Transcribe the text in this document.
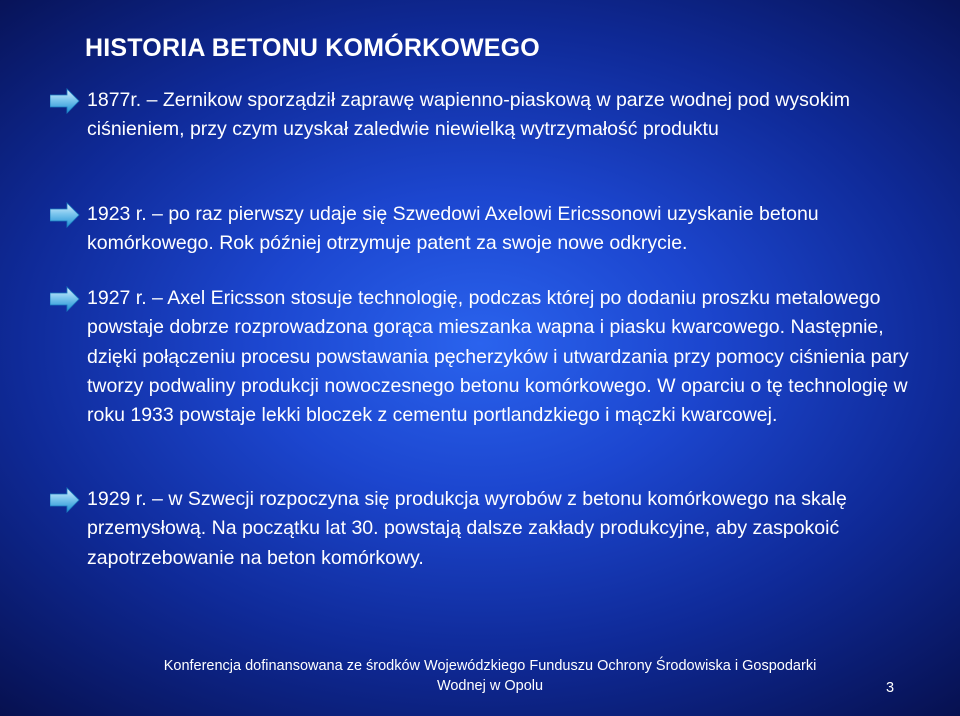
HISTORIA BETONU KOMÓRKOWEGO
1877r. – Zernikow sporządził zaprawę wapienno-piaskową w parze wodnej pod wysokim ciśnieniem, przy czym uzyskał zaledwie niewielką wytrzymałość produktu
1923 r. – po raz pierwszy udaje się Szwedowi Axelowi Ericssonowi uzyskanie betonu komórkowego. Rok później otrzymuje patent za swoje nowe odkrycie.
1927 r. – Axel Ericsson stosuje technologię, podczas której po dodaniu proszku metalowego powstaje dobrze rozprowadzona gorąca mieszanka wapna i piasku kwarcowego. Następnie, dzięki połączeniu procesu powstawania pęcherzyków i utwardzania przy pomocy ciśnienia pary tworzy podwaliny produkcji nowoczesnego betonu komórkowego. W oparciu o tę technologię w roku 1933 powstaje lekki bloczek z cementu portlandzkiego i mączki kwarcowej.
1929 r. – w Szwecji rozpoczyna się produkcja wyrobów z betonu komórkowego na skalę przemysłową. Na początku lat 30. powstają dalsze zakłady produkcyjne, aby zaspokoić zapotrzebowanie na beton komórkowy.
Konferencja dofinansowana ze środków Wojewódzkiego Funduszu Ochrony Środowiska i Gospodarki
Wodnej w Opolu	3
